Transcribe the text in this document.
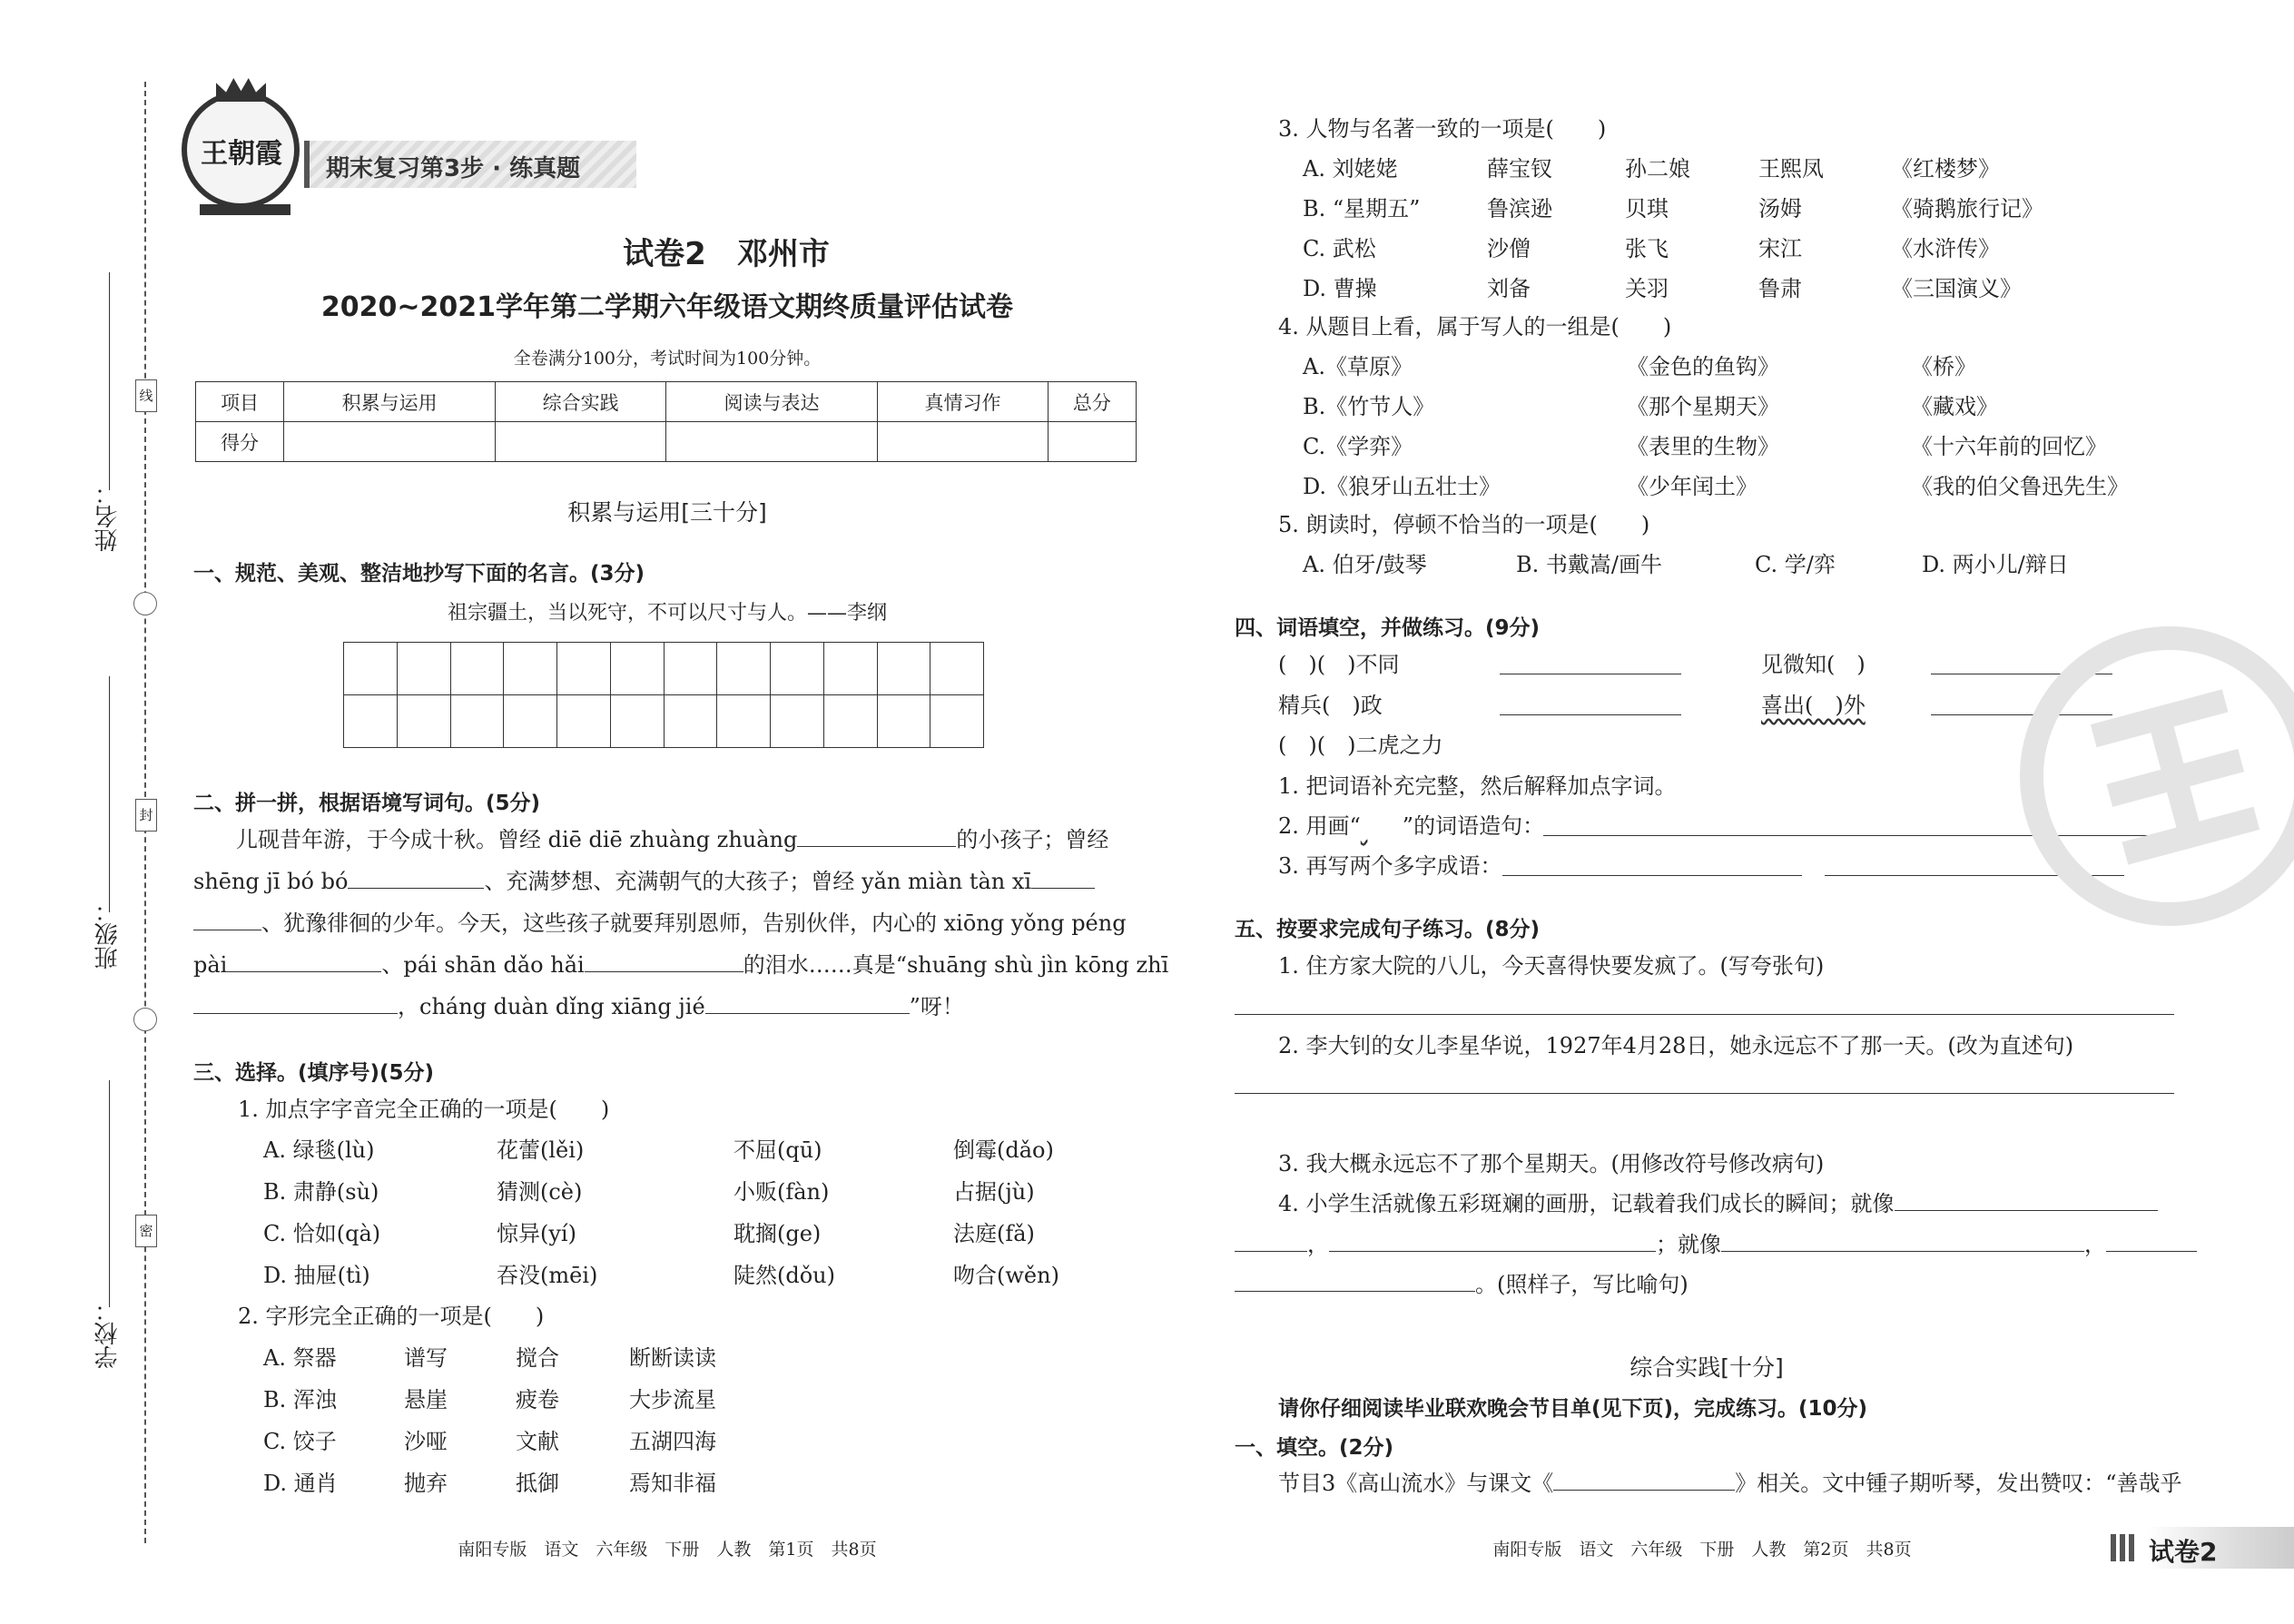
线
封
密
姓名：
班级：
学校：
王朝霞 期末复习第3步 · 练真题
试卷2　邓州市
2020~2021学年第二学期六年级语文期终质量评估试卷
全卷满分100分，考试时间为100分钟。
项目	积累与运用	综合实践	阅读与表达	真情习作	总分
得分					
积累与运用[三十分]
一、规范、美观、整洁地抄写下面的名言。(3分)
祖宗疆土，当以死守，不可以尺寸与人。——李纲
二、拼一拼，根据语境写词句。(5分)
儿砚昔年游，于今成十秋。曾经 diē diē zhuàng zhuàng	的小孩子；曾经
shēng jī bó bó	、充满梦想、充满朝气的大孩子；曾经 yǎn miàn tàn xī
、犹豫徘徊的少年。今天，这些孩子就要拜别恩师，告别伙伴，内心的 xiōng yǒng péng
pài	、pái shān dǎo hǎi	的泪水……真是“shuāng shù jìn kōng zhī
，cháng duàn dǐng xiāng jié	”呀！
三、选择。(填序号)(5分)
1. 加点字字音完全正确的一项是(　　)
A. 绿毯(lù)	花蕾(lěi)	不屈(qū)	倒霉(dǎo)
B. 肃静(sù)	猜测(cè)	小贩(fàn)	占据(jù)
C. 恰如(qà)	惊异(yí)	耽搁(ge)	法庭(fǎ)
D. 抽屉(tì)	吞没(mēi)	陡然(dǒu)	吻合(wěn)
2. 字形完全正确的一项是(　　)
A. 祭器	谱写	搅合	断断读读
B. 浑浊	悬崖	疲卷	大步流星
C. 饺子	沙哑	文献	五湖四海
D. 通肖	抛弃	抵御	焉知非福
南阳专版　语文　六年级　下册　人教　第1页　共8页
3. 人物与名著一致的一项是(　　)
A. 刘姥姥	薛宝钗	孙二娘	王熙凤	《红楼梦》
B. “星期五”	鲁滨逊	贝琪	汤姆	《骑鹅旅行记》
C. 武松	沙僧	张飞	宋江	《水浒传》
D. 曹操	刘备	关羽	鲁肃	《三国演义》
4. 从题目上看，属于写人的一组是(　　)
A.《草原》	《金色的鱼钩》	《桥》
B.《竹节人》	《那个星期天》	《藏戏》
C.《学弈》	《表里的生物》	《十六年前的回忆》
D.《狼牙山五壮士》	《少年闰土》	《我的伯父鲁迅先生》
5. 朗读时，停顿不恰当的一项是(　　)
A. 伯牙/鼓琴	B. 书戴嵩/画牛	C. 学/弈	D. 两小儿/辩日
四、词语填空，并做练习。(9分)
(　)(　)不同	见微知(　)
精兵(　)政	喜出(　)外
(　)(　)二虎之力
1. 把词语补充完整，然后解释加点字词。
2. 用画“ ”的词语造句：
3. 再写两个多字成语：
五、按要求完成句子练习。(8分)
1. 住方家大院的八儿，今天喜得快要发疯了。(写夸张句)
2. 李大钊的女儿李星华说，1927年4月28日，她永远忘不了那一天。(改为直述句)
3. 我大概永远忘不了那个星期天。(用修改符号修改病句)
4. 小学生活就像五彩斑斓的画册，记载着我们成长的瞬间；就像
，	；就像	，
。(照样子，写比喻句)
综合实践[十分]
请你仔细阅读毕业联欢晚会节目单(见下页)，完成练习。(10分)
一、填空。(2分)
节目3《高山流水》与课文《	》相关。文中锺子期听琴，发出赞叹：“善哉乎
南阳专版　语文　六年级　下册　人教　第2页　共8页	试卷2
